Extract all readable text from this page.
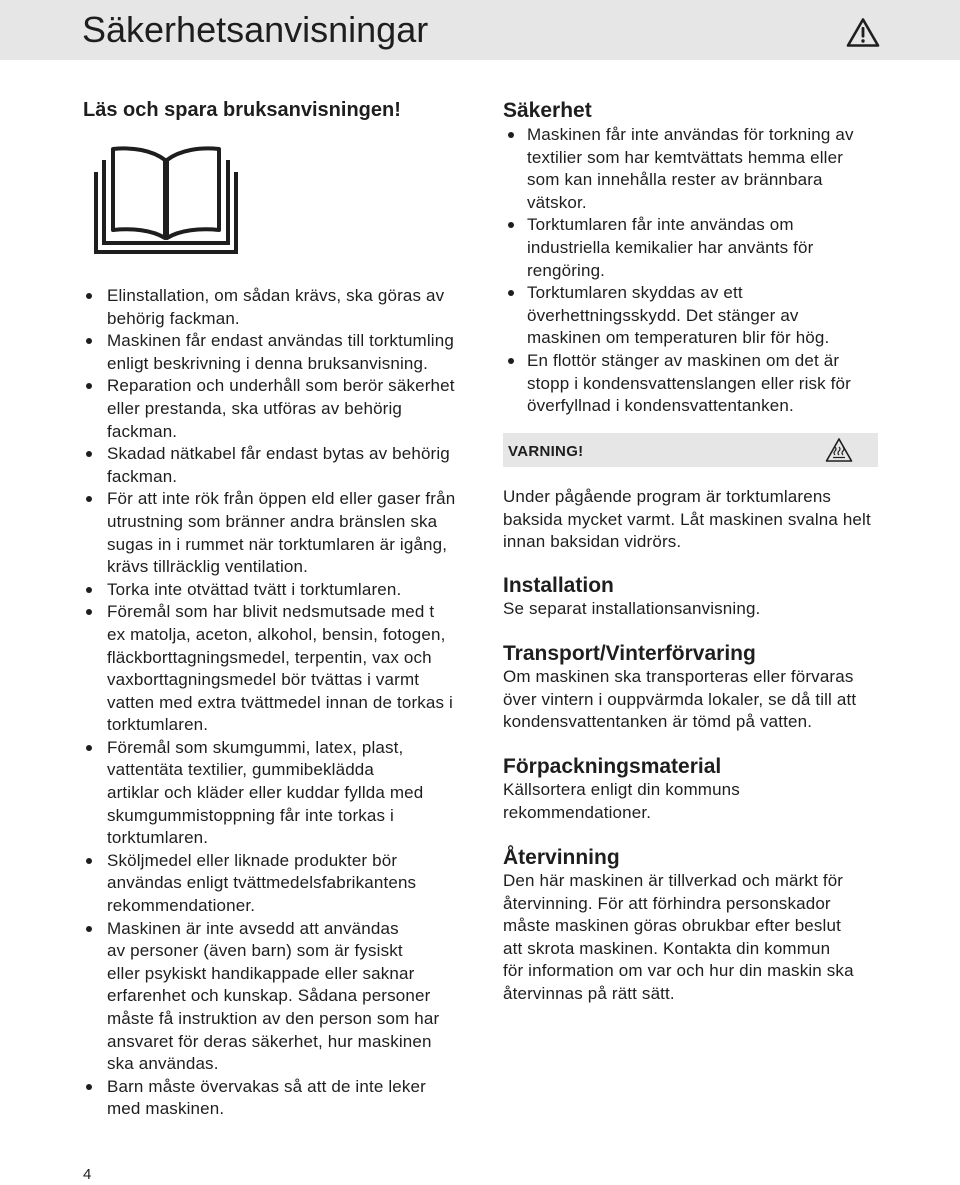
Säkerhetsanvisningar
Läs och spara bruksanvisningen!
Elinstallation, om sådan krävs, ska göras av
behörig fackman.
Maskinen får endast användas till torktumling
enligt beskrivning i denna bruksanvisning.
Reparation och underhåll som berör säkerhet
eller prestanda, ska utföras av behörig
fackman.
Skadad nätkabel får endast bytas av behörig
fackman.
För att inte rök från öppen eld eller gaser från
utrustning som bränner andra bränslen ska
sugas in i rummet när torktumlaren är igång,
krävs tillräcklig ventilation.
Torka inte otvättad tvätt i torktumlaren.
Föremål som har blivit nedsmutsade med t
ex matolja, aceton, alkohol, bensin, fotogen,
fläckborttagningsmedel, terpentin, vax och
vaxborttagningsmedel bör tvättas i varmt
vatten med extra tvättmedel innan de torkas i
torktumlaren.
Föremål som skumgummi, latex, plast,
vattentäta textilier, gummibeklädda
artiklar och kläder eller kuddar fyllda med
skumgummistoppning får inte torkas i
torktumlaren.
Sköljmedel eller liknade produkter bör
användas enligt tvättmedelsfabrikantens
rekommendationer.
Maskinen är inte avsedd att användas
av personer (även barn) som är fysiskt
eller psykiskt handikappade eller saknar
erfarenhet och kunskap. Sådana personer
måste få instruktion av den person som har
ansvaret för deras säkerhet, hur maskinen
ska användas.
Barn måste övervakas så att de inte leker
med maskinen.
Säkerhet
Maskinen får inte användas för torkning av
textilier som har kemtvättats hemma eller
som kan innehålla rester av brännbara
vätskor.
Torktumlaren får inte användas om
industriella kemikalier har använts för
rengöring.
Torktumlaren skyddas av ett
överhettningsskydd. Det stänger av
maskinen om temperaturen blir för hög.
En flottör stänger av maskinen om det är
stopp i kondensvattenslangen eller risk för
överfyllnad i kondensvattentanken.
VARNING!

Under pågående program är torktumlarens
baksida mycket varmt. Låt maskinen svalna helt
innan baksidan vidrörs.

Installation

Se separat installationsanvisning.

Transport/Vinterförvaring

Om maskinen ska transporteras eller förvaras
över vintern i ouppvärmda lokaler, se då till att
kondensvattentanken är tömd på vatten.

Förpackningsmaterial

Källsortera enligt din kommuns
rekommendationer.

Återvinning

Den här maskinen är tillverkad och märkt för
återvinning. För att förhindra personskador
måste maskinen göras obrukbar efter beslut
att skrota maskinen. Kontakta din kommun
för information om var och hur din maskin ska
återvinnas på rätt sätt.

4
